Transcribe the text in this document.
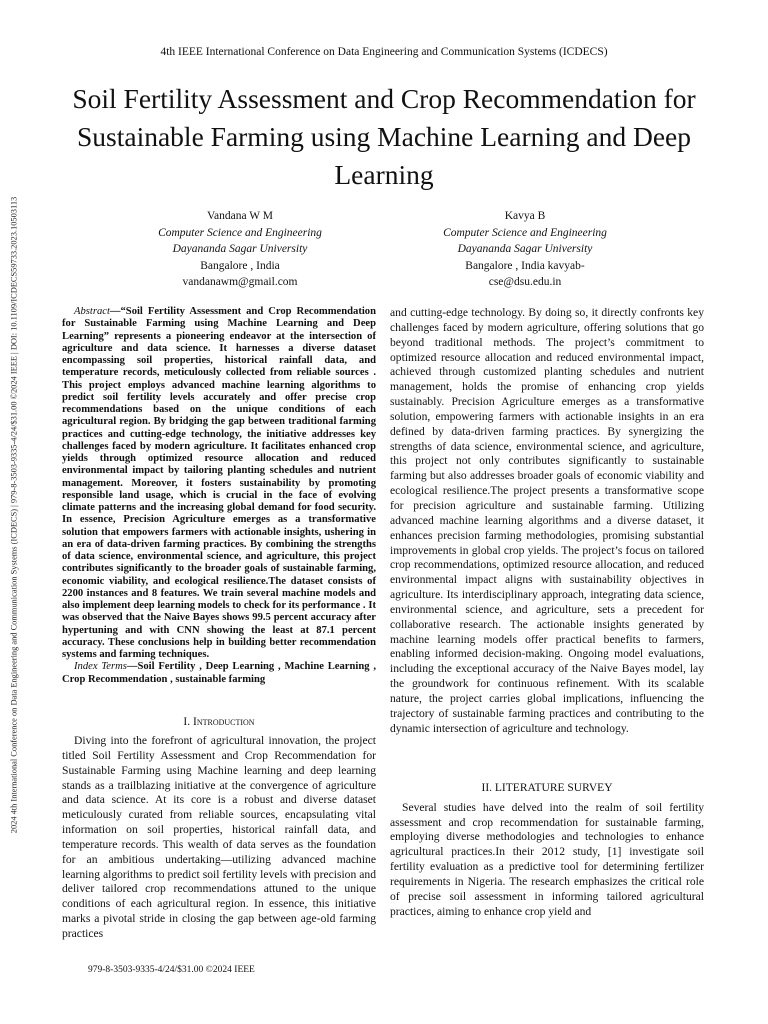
2024 4th International Conference on Data Engineering and Communication Systems (ICDECS) | 979-8-3503-9335-4/24/$31.00 ©2024 IEEE | DOI: 10.1109/ICDECS59733.2023.10503113
4th IEEE International Conference on Data Engineering and Communication Systems (ICDECS)
Soil Fertility Assessment and Crop Recommendation for Sustainable Farming using Machine Learning and Deep Learning
Vandana W M
Computer Science and Engineering
Dayananda Sagar University
Bangalore , India
vandanawm@gmail.com
Kavya B
Computer Science and Engineering
Dayananda Sagar University
Bangalore , India kavyab-
cse@dsu.edu.in

Abstract—“Soil Fertility Assessment and Crop Recommendation for Sustainable Farming using Machine Learning and Deep Learning” represents a pioneering endeavor at the intersection of agriculture and data science. It harnesses a diverse dataset encompassing soil properties, historical rainfall data, and temperature records, meticulously collected from reliable sources . This project employs advanced machine learning algorithms to predict soil fertility levels accurately and offer precise crop recommendations based on the unique conditions of each agricultural region. By bridging the gap between traditional farming practices and cutting-edge technology, the initiative addresses key challenges faced by modern agriculture. It facilitates enhanced crop yields through optimized resource allocation and reduced environmental impact by tailoring planting schedules and nutrient management. Moreover, it fosters sustainability by promoting responsible land usage, which is crucial in the face of evolving climate patterns and the increasing global demand for food security. In essence, Precision Agriculture emerges as a transformative solution that empowers farmers with actionable insights, ushering in an era of data-driven farming practices. By combining the strengths of data science, environmental science, and agriculture, this project contributes significantly to the broader goals of sustainable farming, economic viability, and ecological resilience.The dataset consists of 2200 instances and 8 features. We train several machine models and also implement deep learning models to check for its performance . It was observed that the Naive Bayes shows 99.5 percent accuracy after hypertuning and with CNN showing the least at 87.1 percent accuracy. These conclusions help in building better recommendation systems and farming techniques.

Index Terms—Soil Fertility , Deep Learning , Machine Learning , Crop Recommendation , sustainable farming

I. Introduction

Diving into the forefront of agricultural innovation, the project titled Soil Fertility Assessment and Crop Recommendation for Sustainable Farming using Machine learning and deep learning stands as a trailblazing initiative at the convergence of agriculture and data science. At its core is a robust and diverse dataset meticulously curated from reliable sources, encapsulating vital information on soil properties, historical rainfall data, and temperature records. This wealth of data serves as the foundation for an ambitious undertaking—utilizing advanced machine learning algorithms to predict soil fertility levels with precision and deliver tailored crop recommendations attuned to the unique conditions of each agricultural region. In essence, this initiative marks a pivotal stride in closing the gap between age-old farming practices

and cutting-edge technology. By doing so, it directly confronts key challenges faced by modern agriculture, offering solutions that go beyond traditional methods. The project’s commitment to optimized resource allocation and reduced environmental impact, achieved through customized planting schedules and nutrient management, holds the promise of enhancing crop yields sustainably. Precision Agriculture emerges as a transformative solution, empowering farmers with actionable insights in an era defined by data-driven farming practices. By synergizing the strengths of data science, environmental science, and agriculture, this project not only contributes significantly to sustainable farming but also addresses broader goals of economic viability and ecological resilience.The project presents a transformative scope for precision agriculture and sustainable farming. Utilizing advanced machine learning algorithms and a diverse dataset, it enhances precision farming methodologies, promising substantial improvements in global crop yields. The project’s focus on tailored crop recommendations, optimized resource allocation, and reduced environmental impact aligns with sustainability objectives in agriculture. Its interdisciplinary approach, integrating data science, environmental science, and agriculture, sets a precedent for collaborative research. The actionable insights generated by machine learning models offer practical benefits to farmers, enabling informed decision-making. Ongoing model evaluations, including the exceptional accuracy of the Naive Bayes model, lay the groundwork for continuous refinement. With its scalable nature, the project carries global implications, influencing the trajectory of sustainable farming practices and contributing to the dynamic intersection of agriculture and technology.

II. LITERATURE SURVEY

Several studies have delved into the realm of soil fertility assessment and crop recommendation for sustainable farming, employing diverse methodologies and technologies to enhance agricultural practices.In their 2012 study, [1] investigate soil fertility evaluation as a predictive tool for determining fertilizer requirements in Nigeria. The research emphasizes the critical role of precise soil assessment in informing tailored agricultural practices, aiming to enhance crop yield and

979-8-3503-9335-4/24/$31.00 ©2024 IEEE
